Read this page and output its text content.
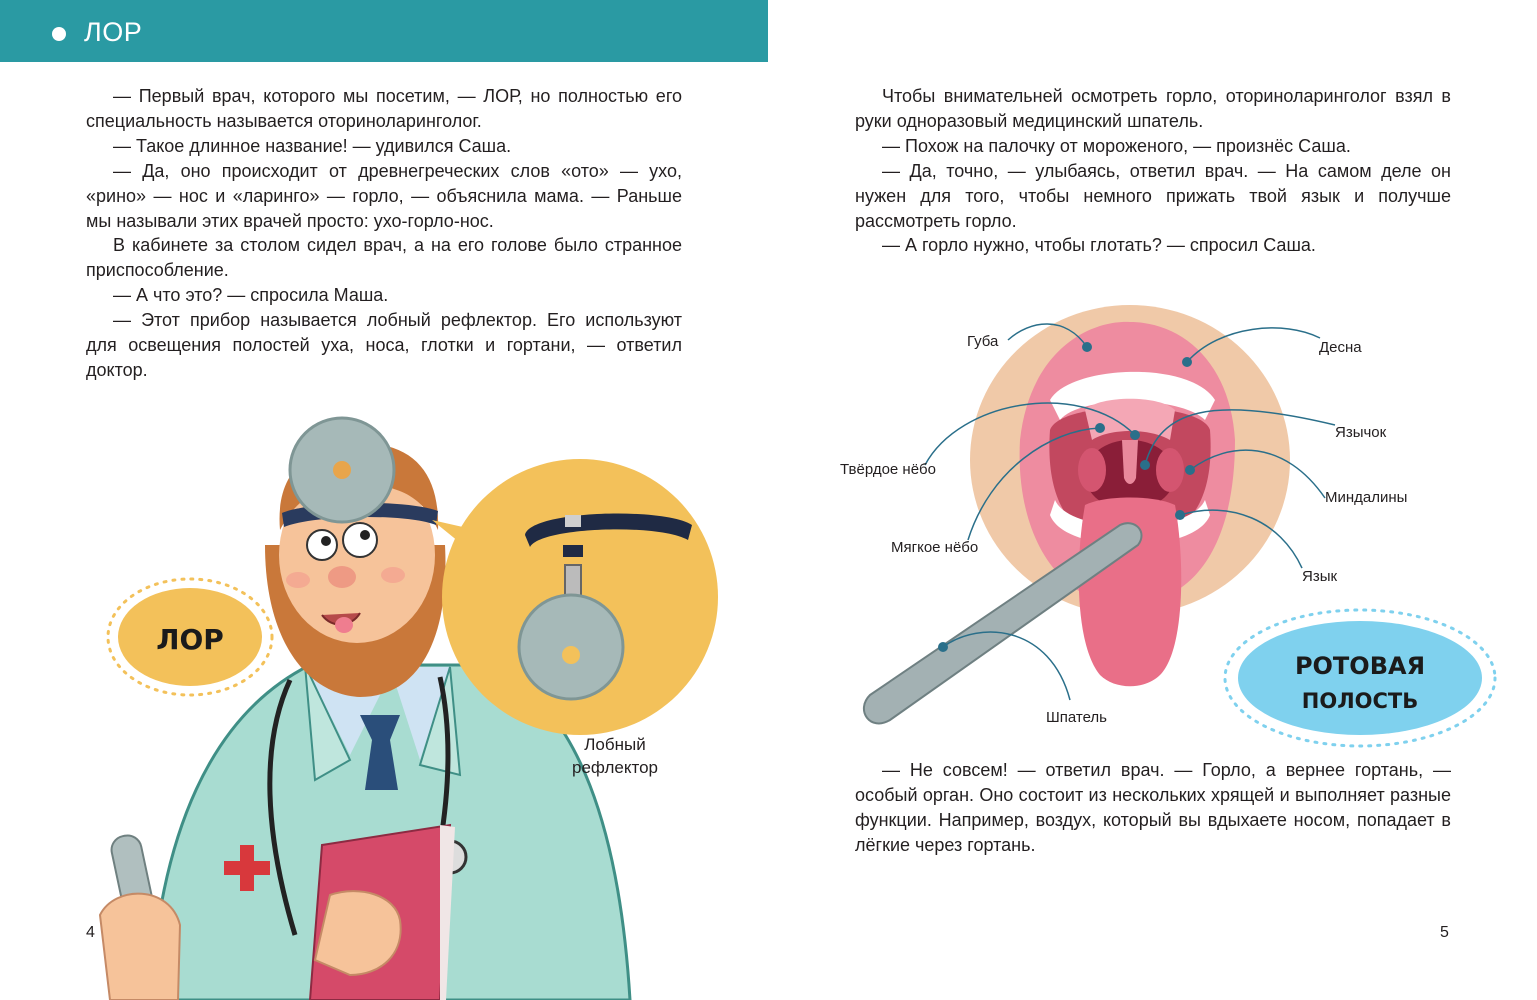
ЛОР

— Первый врач, которого мы посетим, — ЛОР, но полностью его специальность называется оториноларинголог.

— Такое длинное название! — удивился Саша.

— Да, оно происходит от древнегреческих слов «ото» — ухо, «рино» — нос и «ларинго» — горло, — объяснила мама. — Раньше мы называли этих врачей просто: ухо-горло-нос.

В кабинете за столом сидел врач, а на его голове было странное приспособление.

— А что это? — спросила Маша.

— Этот прибор называется лобный рефлектор. Его используют для освещения полостей уха, носа, глотки и гортани, — ответил доктор.

Чтобы внимательней осмотреть горло, оториноларинголог взял в руки одноразовый медицинский шпатель.

— Похож на палочку от мороженого, — произнёс Саша.

— Да, точно, — улыбаясь, ответил врач. — На самом деле он нужен для того, чтобы немного прижать твой язык и получше рассмотреть горло.

— А горло нужно, чтобы глотать? — спросил Саша.

ЛОР
Лобный
рефлектор
РОТОВАЯ
ПОЛОСТЬ
Губа	Десна
Язычок
Твёрдое нёбо
Миндалины
Мягкое нёбо
Язык
Шпатель

— Не совсем! — ответил врач. — Горло, а вернее гортань, — особый орган. Оно состоит из нескольких хрящей и выполняет разные функции. Например, воздух, который вы вдыхаете носом, попадает в лёгкие через гортань.

4	5
